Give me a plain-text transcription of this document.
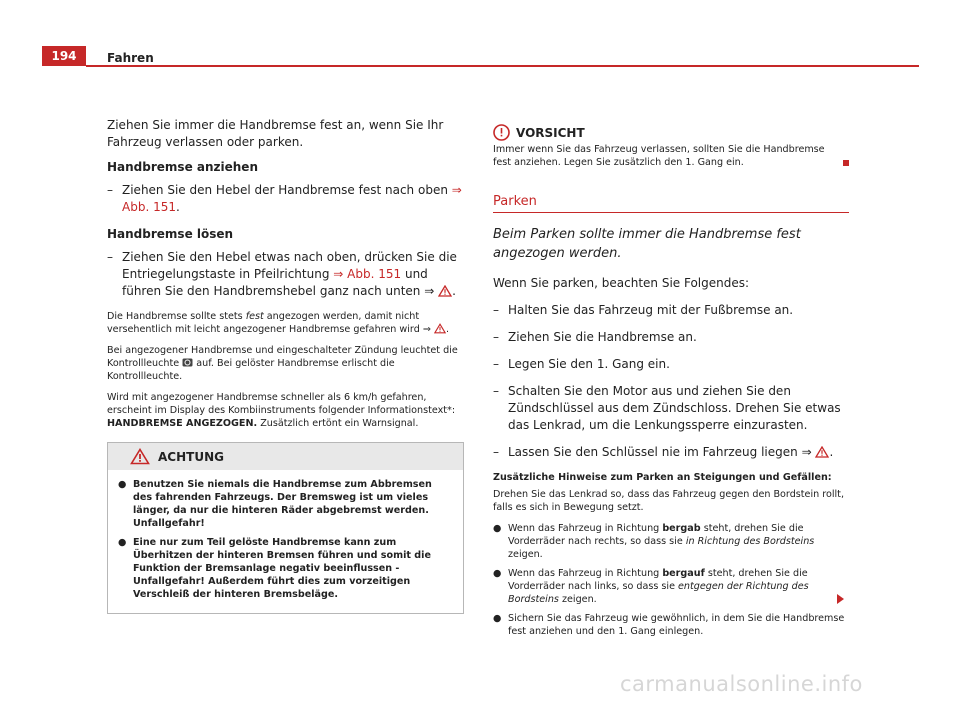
194	Fahren

Ziehen Sie immer die Handbremse fest an, wenn Sie Ihr Fahrzeug verlassen oder parken.

Handbremse anziehen
– Ziehen Sie den Hebel der Handbremse fest nach oben ⇒ Abb. 151.
Handbremse lösen
– Ziehen Sie den Hebel etwas nach oben, drücken Sie die Entriegelungstaste in Pfeilrichtung ⇒ Abb. 151 und führen Sie den Handbremshebel ganz nach unten ⇒ .

Die Handbremse sollte stets fest angezogen werden, damit nicht versehentlich mit leicht angezogener Handbremse gefahren wird ⇒ .

Bei angezogener Handbremse und eingeschalteter Zündung leuchtet die Kontrollleuchte auf. Bei gelöster Handbremse erlischt die Kontrollleuchte.

Wird mit angezogener Handbremse schneller als 6 km/h gefahren, erscheint im Display des Kombiinstruments folgender Informationstext*: HANDBREMSE ANGEZOGEN. Zusätzlich ertönt ein Warnsignal.

ACHTUNG
● Benutzen Sie niemals die Handbremse zum Abbremsen des fahrenden Fahrzeugs. Der Bremsweg ist um vieles länger, da nur die hinteren Räder abgebremst werden. Unfallgefahr!
● Eine nur zum Teil gelöste Handbremse kann zum Überhitzen der hinteren Bremsen führen und somit die Funktion der Bremsanlage negativ beeinflussen - Unfallgefahr! Außerdem führt dies zum vorzeitigen Verschleiß der hinteren Bremsbeläge.
VORSICHT
Immer wenn Sie das Fahrzeug verlassen, sollten Sie die Handbremse fest anziehen. Legen Sie zusätzlich den 1. Gang ein.
Parken
Beim Parken sollte immer die Handbremse fest angezogen werden.

Wenn Sie parken, beachten Sie Folgendes:

– Halten Sie das Fahrzeug mit der Fußbremse an.
– Ziehen Sie die Handbremse an.
– Legen Sie den 1. Gang ein.
– Schalten Sie den Motor aus und ziehen Sie den Zündschlüssel aus dem Zündschloss. Drehen Sie etwas das Lenkrad, um die Lenkungssperre einzurasten.
– Lassen Sie den Schlüssel nie im Fahrzeug liegen ⇒ .

Zusätzliche Hinweise zum Parken an Steigungen und Gefällen:

Drehen Sie das Lenkrad so, dass das Fahrzeug gegen den Bordstein rollt, falls es sich in Bewegung setzt.

● Wenn das Fahrzeug in Richtung bergab steht, drehen Sie die Vorderräder nach rechts, so dass sie in Richtung des Bordsteins zeigen.
● Wenn das Fahrzeug in Richtung bergauf steht, drehen Sie die Vorderräder nach links, so dass sie entgegen der Richtung des Bordsteins zeigen.
● Sichern Sie das Fahrzeug wie gewöhnlich, in dem Sie die Handbremse fest anziehen und den 1. Gang einlegen.
carmanualsonline.info
